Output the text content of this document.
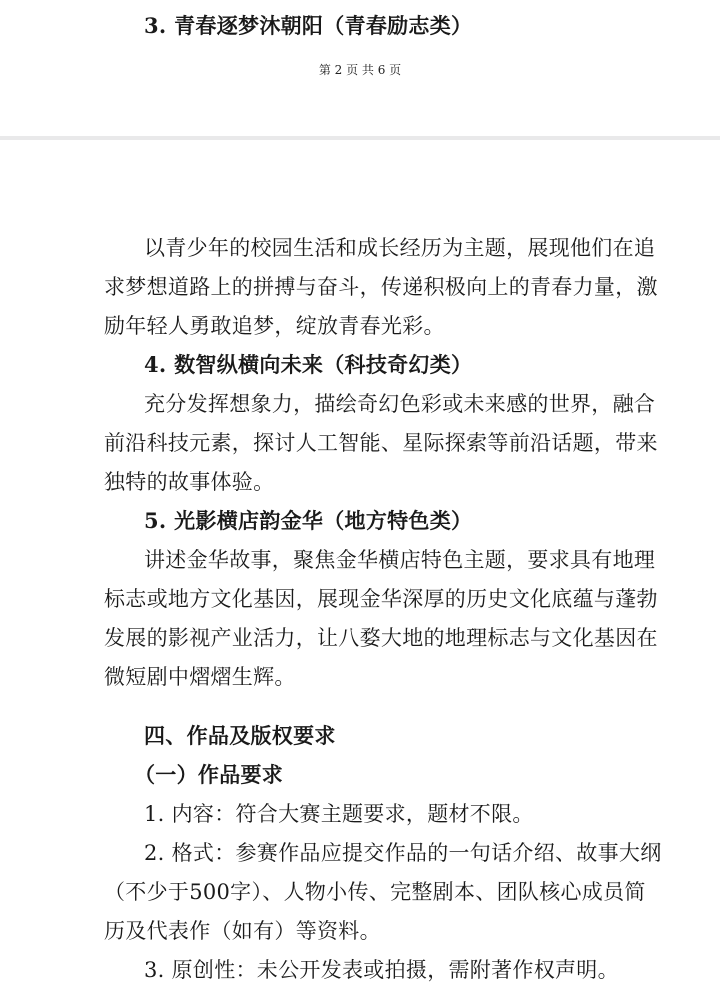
3. 青春逐梦沐朝阳（青春励志类）
第 2 页 共 6 页
以青少年的校园生活和成长经历为主题，展现他们在追
求梦想道路上的拼搏与奋斗，传递积极向上的青春力量，激
励年轻人勇敢追梦，绽放青春光彩。
4. 数智纵横向未来（科技奇幻类）
充分发挥想象力，描绘奇幻色彩或未来感的世界，融合
前沿科技元素，探讨人工智能、星际探索等前沿话题，带来
独特的故事体验。
5. 光影横店韵金华（地方特色类）
讲述金华故事，聚焦金华横店特色主题，要求具有地理
标志或地方文化基因，展现金华深厚的历史文化底蕴与蓬勃
发展的影视产业活力，让八婺大地的地理标志与文化基因在
微短剧中熠熠生辉。
四、作品及版权要求
（一）作品要求
1. 内容：符合大赛主题要求，题材不限。
2. 格式：参赛作品应提交作品的一句话介绍、故事大纲
（不少于500字）、人物小传、完整剧本、团队核心成员简
历及代表作（如有）等资料。
3. 原创性：未公开发表或拍摄，需附著作权声明。
